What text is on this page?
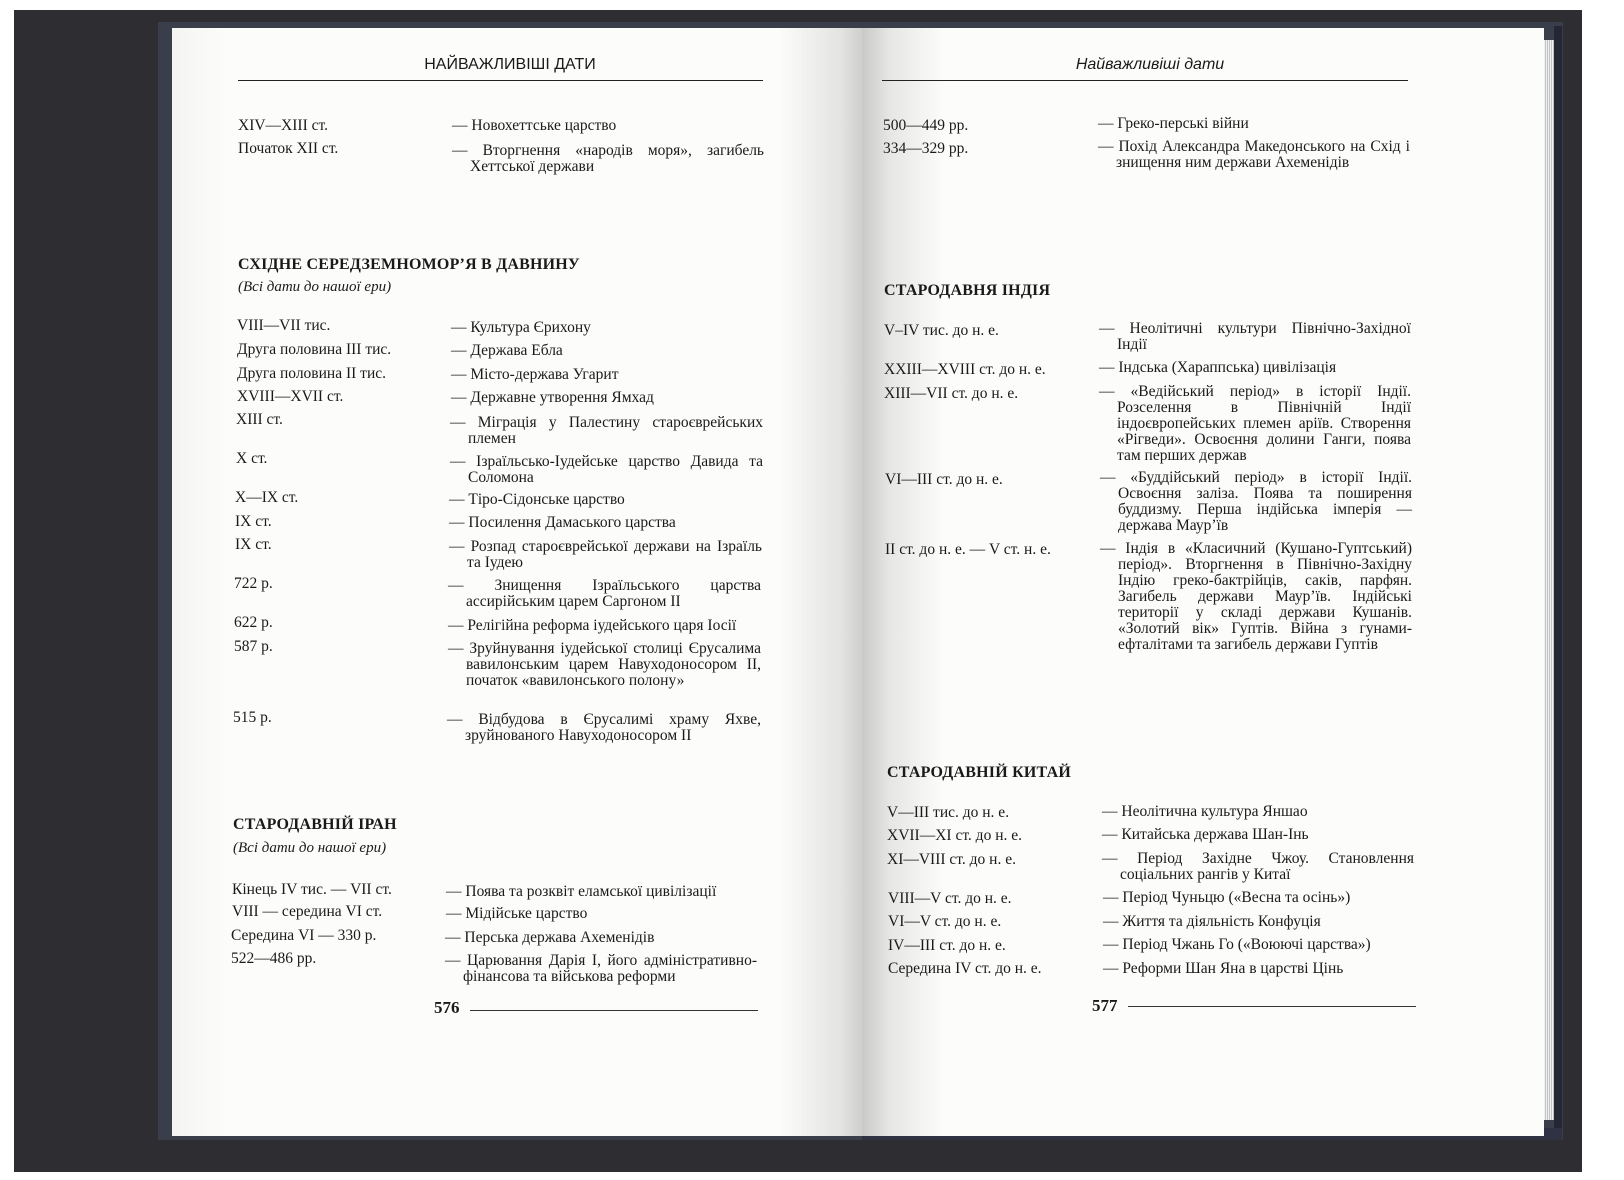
НАЙВАЖЛИВІШІ ДАТИ
XIV—XIII ст.	— Новохеттське царство
Початок XII ст.	— Вторгнення «народів моря», загибель Хеттської держави
СХІДНЕ СЕРЕДЗЕМНОМОР’Я В ДАВНИНУ
(Всі дати до нашої ери)
VIII—VII тис.	— Культура Єрихону
Друга половина III тис.	— Держава Ебла
Друга половина II тис.	— Місто-держава Угарит
XVIII—XVII ст.	— Державне утворення Ямхад
XIII ст.	— Міграція у Палестину староєврейських племен
X ст.	— Ізраїльсько-Іудейське царство Давида та Соломона
X—IX ст.	— Тіро-Сідонське царство
IX ст.	— Посилення Дамаського царства
IX ст.	— Розпад староєврейської держави на Ізраїль та Іудею
722 р.	— Знищення Ізраїльського царства ассирійським царем Саргоном II
622 р.	— Релігійна реформа іудейського царя Іосії
587 р.	— Зруйнування іудейської столиці Єрусалима вавилонським царем Навуходоносором II, початок «вавилонського полону»
515 р.	— Відбудова в Єрусалимі храму Яхве, зруйнованого Навуходоносором II
СТАРОДАВНІЙ ІРАН
(Всі дати до нашої ери)
Кінець IV тис. — VII ст.	— Поява та розквіт еламської цивілізації
VIII — середина VI ст.	— Мідійське царство
Середина VI — 330 р.	— Перська держава Ахеменідів
522—486 рр.	— Царювання Дарія I, його адміністративно-фінансова та військова реформи
576
Найважливіші дати
500—449 рр.	— Греко-перські війни
334—329 рр.	— Похід Александра Македонського на Схід і знищення ним держави Ахеменідів
СТАРОДАВНЯ ІНДІЯ
V–IV тис. до н. е.	— Неолітичні культури Північно-Західної Індії
XXIII—XVIII ст. до н. е.	— Індська (Хараппська) цивілізація
XIII—VII ст. до н. е.	— «Ведійський період» в історії Індії. Розселення в Північній Індії індоєвропейських племен аріїв. Створення «Рігведи». Освоєння долини Ганги, поява там перших держав
VI—III ст. до н. е.	— «Буддійський період» в історії Індії. Освоєння заліза. Поява та поширення буддизму. Перша індійська імперія — держава Маур’їв
II ст. до н. е. — V ст. н. е.	— Індія в «Класичний (Кушано-Гуптський) період». Вторгнення в Північно-Західну Індію греко-бактрійців, саків, парфян. Загибель держави Маур’їв. Індійські території у складі держави Кушанів. «Золотий вік» Гуптів. Війна з гунами-ефталітами та загибель держави Гуптів
СТАРОДАВНІЙ КИТАЙ
V—III тис. до н. е.	— Неолітична культура Яншао
XVII—XI ст. до н. е.	— Китайська держава Шан-Інь
XI—VIII ст. до н. е.	— Період Західне Чжоу. Становлення соціальних рангів у Китаї
VIII—V ст. до н. е.	— Період Чуньцю («Весна та осінь»)
VI—V ст. до н. е.	— Життя та діяльність Конфуція
IV—III ст. до н. е.	— Період Чжань Го («Воюючі царства»)
Середина IV ст. до н. е.	— Реформи Шан Яна в царстві Цінь
577
